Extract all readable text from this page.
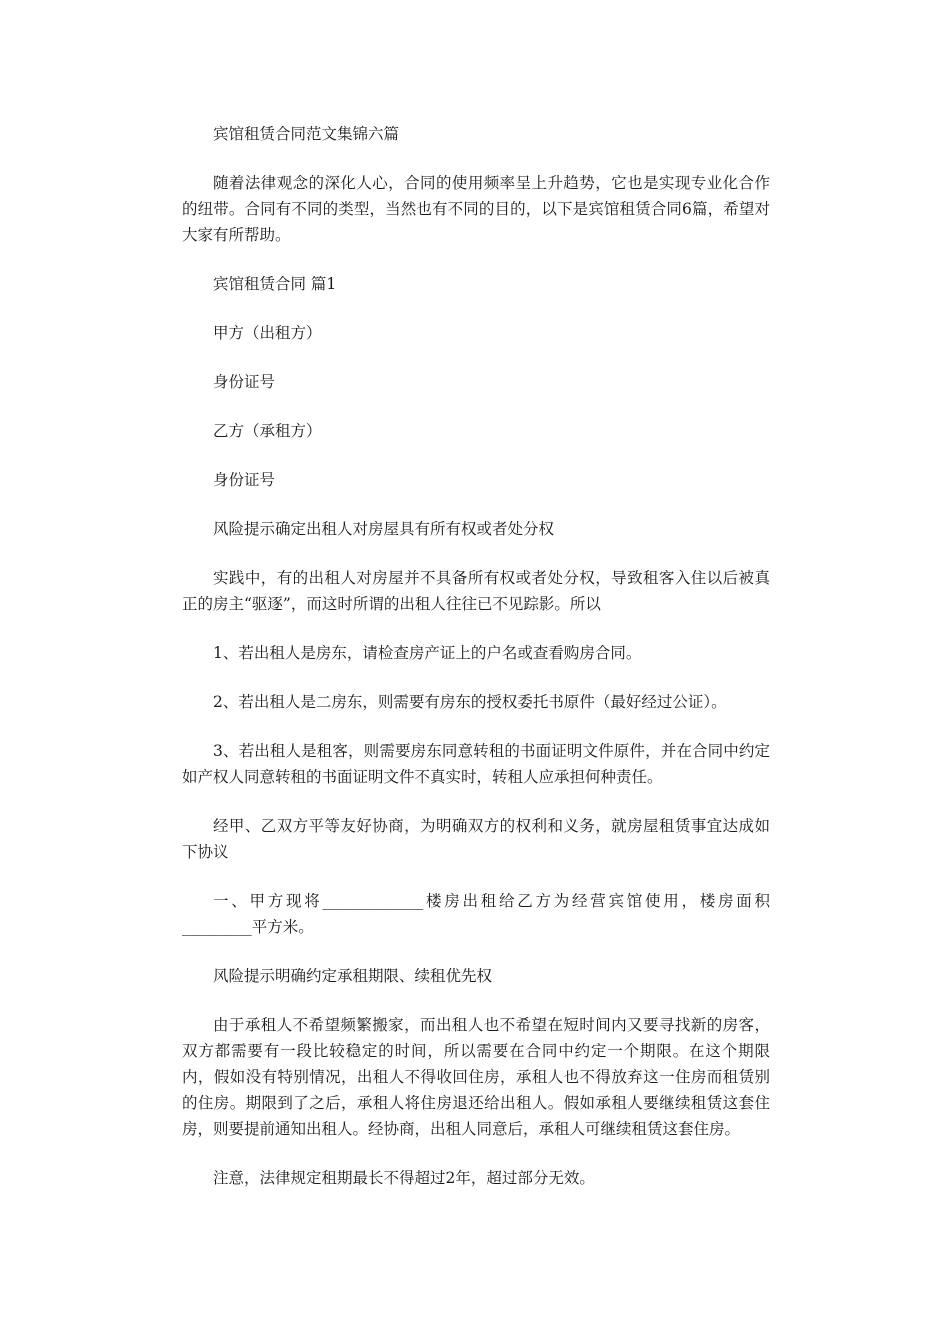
宾馆租赁合同范文集锦六篇

随着法律观念的深化人心，合同的使用频率呈上升趋势，它也是实现专业化合作的纽带。合同有不同的类型，当然也有不同的目的，以下是宾馆租赁合同6篇，希望对大家有所帮助。

宾馆租赁合同 篇1

甲方（出租方）

身份证号

乙方（承租方）

身份证号

风险提示确定出租人对房屋具有所有权或者处分权

实践中，有的出租人对房屋并不具备所有权或者处分权，导致租客入住以后被真正的房主“驱逐”，而这时所谓的出租人往往已不见踪影。所以

1、若出租人是房东，请检查房产证上的户名或查看购房合同。

2、若出租人是二房东，则需要有房东的授权委托书原件（最好经过公证）。

3、若出租人是租客，则需要房东同意转租的书面证明文件原件，并在合同中约定如产权人同意转租的书面证明文件不真实时，转租人应承担何种责任。

经甲、乙双方平等友好协商，为明确双方的权利和义务，就房屋租赁事宜达成如下协议

一、甲方现将_____________楼房出租给乙方为经营宾馆使用，楼房面积_________平方米。

风险提示明确约定承租期限、续租优先权

由于承租人不希望频繁搬家，而出租人也不希望在短时间内又要寻找新的房客，双方都需要有一段比较稳定的时间，所以需要在合同中约定一个期限。在这个期限内，假如没有特别情况，出租人不得收回住房，承租人也不得放弃这一住房而租赁别的住房。期限到了之后，承租人将住房退还给出租人。假如承租人要继续租赁这套住房，则要提前通知出租人。经协商，出租人同意后，承租人可继续租赁这套住房。

注意，法律规定租期最长不得超过2年，超过部分无效。
